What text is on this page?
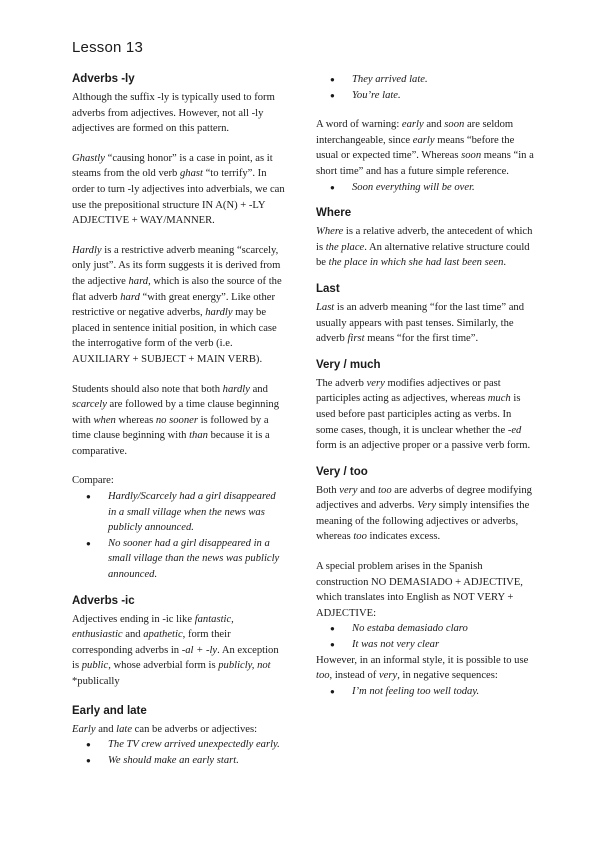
Lesson 13
Adverbs -ly

Although the suffix -ly is typically used to form adverbs from adjectives. However, not all -ly adjectives are formed on this pattern.

Ghastly “causing honor” is a case in point, as it steams from the old verb ghast “to terrify”. In order to turn -ly adjectives into adverbials, we can use the prepositional structure IN A(N) + -LY ADJECTIVE + WAY/MANNER.

Hardly is a restrictive adverb meaning “scarcely, only just”. As its form suggests it is derived from the adjective hard, which is also the source of the flat adverb hard “with great energy”. Like other restrictive or negative adverbs, hardly may be placed in sentence initial position, in which case the interrogative form of the verb (i.e. AUXILIARY + SUBJECT + MAIN VERB).

Students should also note that both hardly and scarcely are followed by a time clause beginning with when whereas no sooner is followed by a time clause beginning with than because it is a comparative.

Compare:

● Hardly/Scarcely had a girl disappeared in a small village when the news was publicly announced.
● No sooner had a girl disappeared in a small village than the news was publicly announced.
Adverbs -ic

Adjectives ending in -ic like fantastic, enthusiastic and apathetic, form their corresponding adverbs in -al + -ly. An exception is public, whose adverbial form is publicly, not *publically

Early and late

Early and late can be adverbs or adjectives:

● The TV crew arrived unexpectedly early.
● We should make an early start.
● They arrived late.
● You’re late.

A word of warning: early and soon are seldom interchangeable, since early means “before the usual or expected time”. Whereas soon means “in a short time” and has a future simple reference.

● Soon everything will be over.
Where

Where is a relative adverb, the antecedent of which is the place. An alternative relative structure could be the place in which she had last been seen.

Last

Last is an adverb meaning “for the last time” and usually appears with past tenses. Similarly, the adverb first means “for the first time”.

Very / much

The adverb very modifies adjectives or past participles acting as adjectives, whereas much is used before past participles acting as verbs. In some cases, though, it is unclear whether the -ed form is an adjective proper or a passive verb form.

Very / too

Both very and too are adverbs of degree modifying adjectives and adverbs. Very simply intensifies the meaning of the following adjectives or adverbs, whereas too indicates excess.

A special problem arises in the Spanish construction NO DEMASIADO + ADJECTIVE, which translates into English as NOT VERY + ADJECTIVE:

● No estaba demasiado claro
● It was not very clear

However, in an informal style, it is possible to use too, instead of very, in negative sequences:

● I’m not feeling too well today.
